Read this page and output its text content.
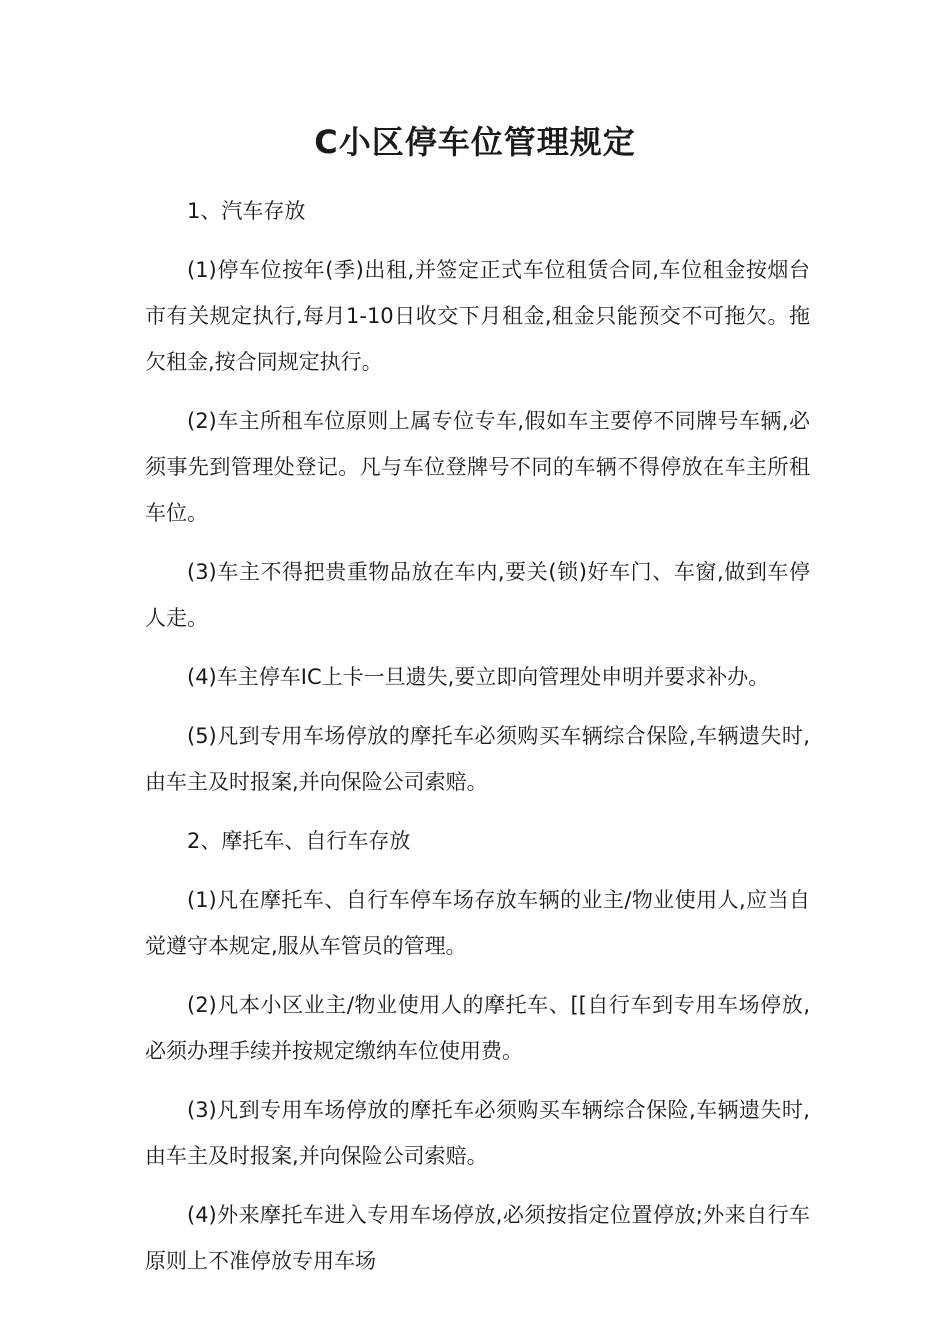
C小区停车位管理规定

1、汽车存放

(1)停车位按年(季)出租,并签定正式车位租赁合同,车位租金按烟台市有关规定执行,每月1-10日收交下月租金,租金只能预交不可拖欠。拖欠租金,按合同规定执行。

(2)车主所租车位原则上属专位专车,假如车主要停不同牌号车辆,必须事先到管理处登记。凡与车位登牌号不同的车辆不得停放在车主所租车位。

(3)车主不得把贵重物品放在车内,要关(锁)好车门、车窗,做到车停人走。

(4)车主停车IC上卡一旦遗失,要立即向管理处申明并要求补办。

(5)凡到专用车场停放的摩托车必须购买车辆综合保险,车辆遗失时,由车主及时报案,并向保险公司索赔。

2、摩托车、自行车存放

(1)凡在摩托车、自行车停车场存放车辆的业主/物业使用人,应当自觉遵守本规定,服从车管员的管理。

(2)凡本小区业主/物业使用人的摩托车、[[自行车到专用车场停放,必须办理手续并按规定缴纳车位使用费。

(3)凡到专用车场停放的摩托车必须购买车辆综合保险,车辆遗失时,由车主及时报案,并向保险公司索赔。

(4)外来摩托车进入专用车场停放,必须按指定位置停放;外来自行车原则上不准停放专用车场
